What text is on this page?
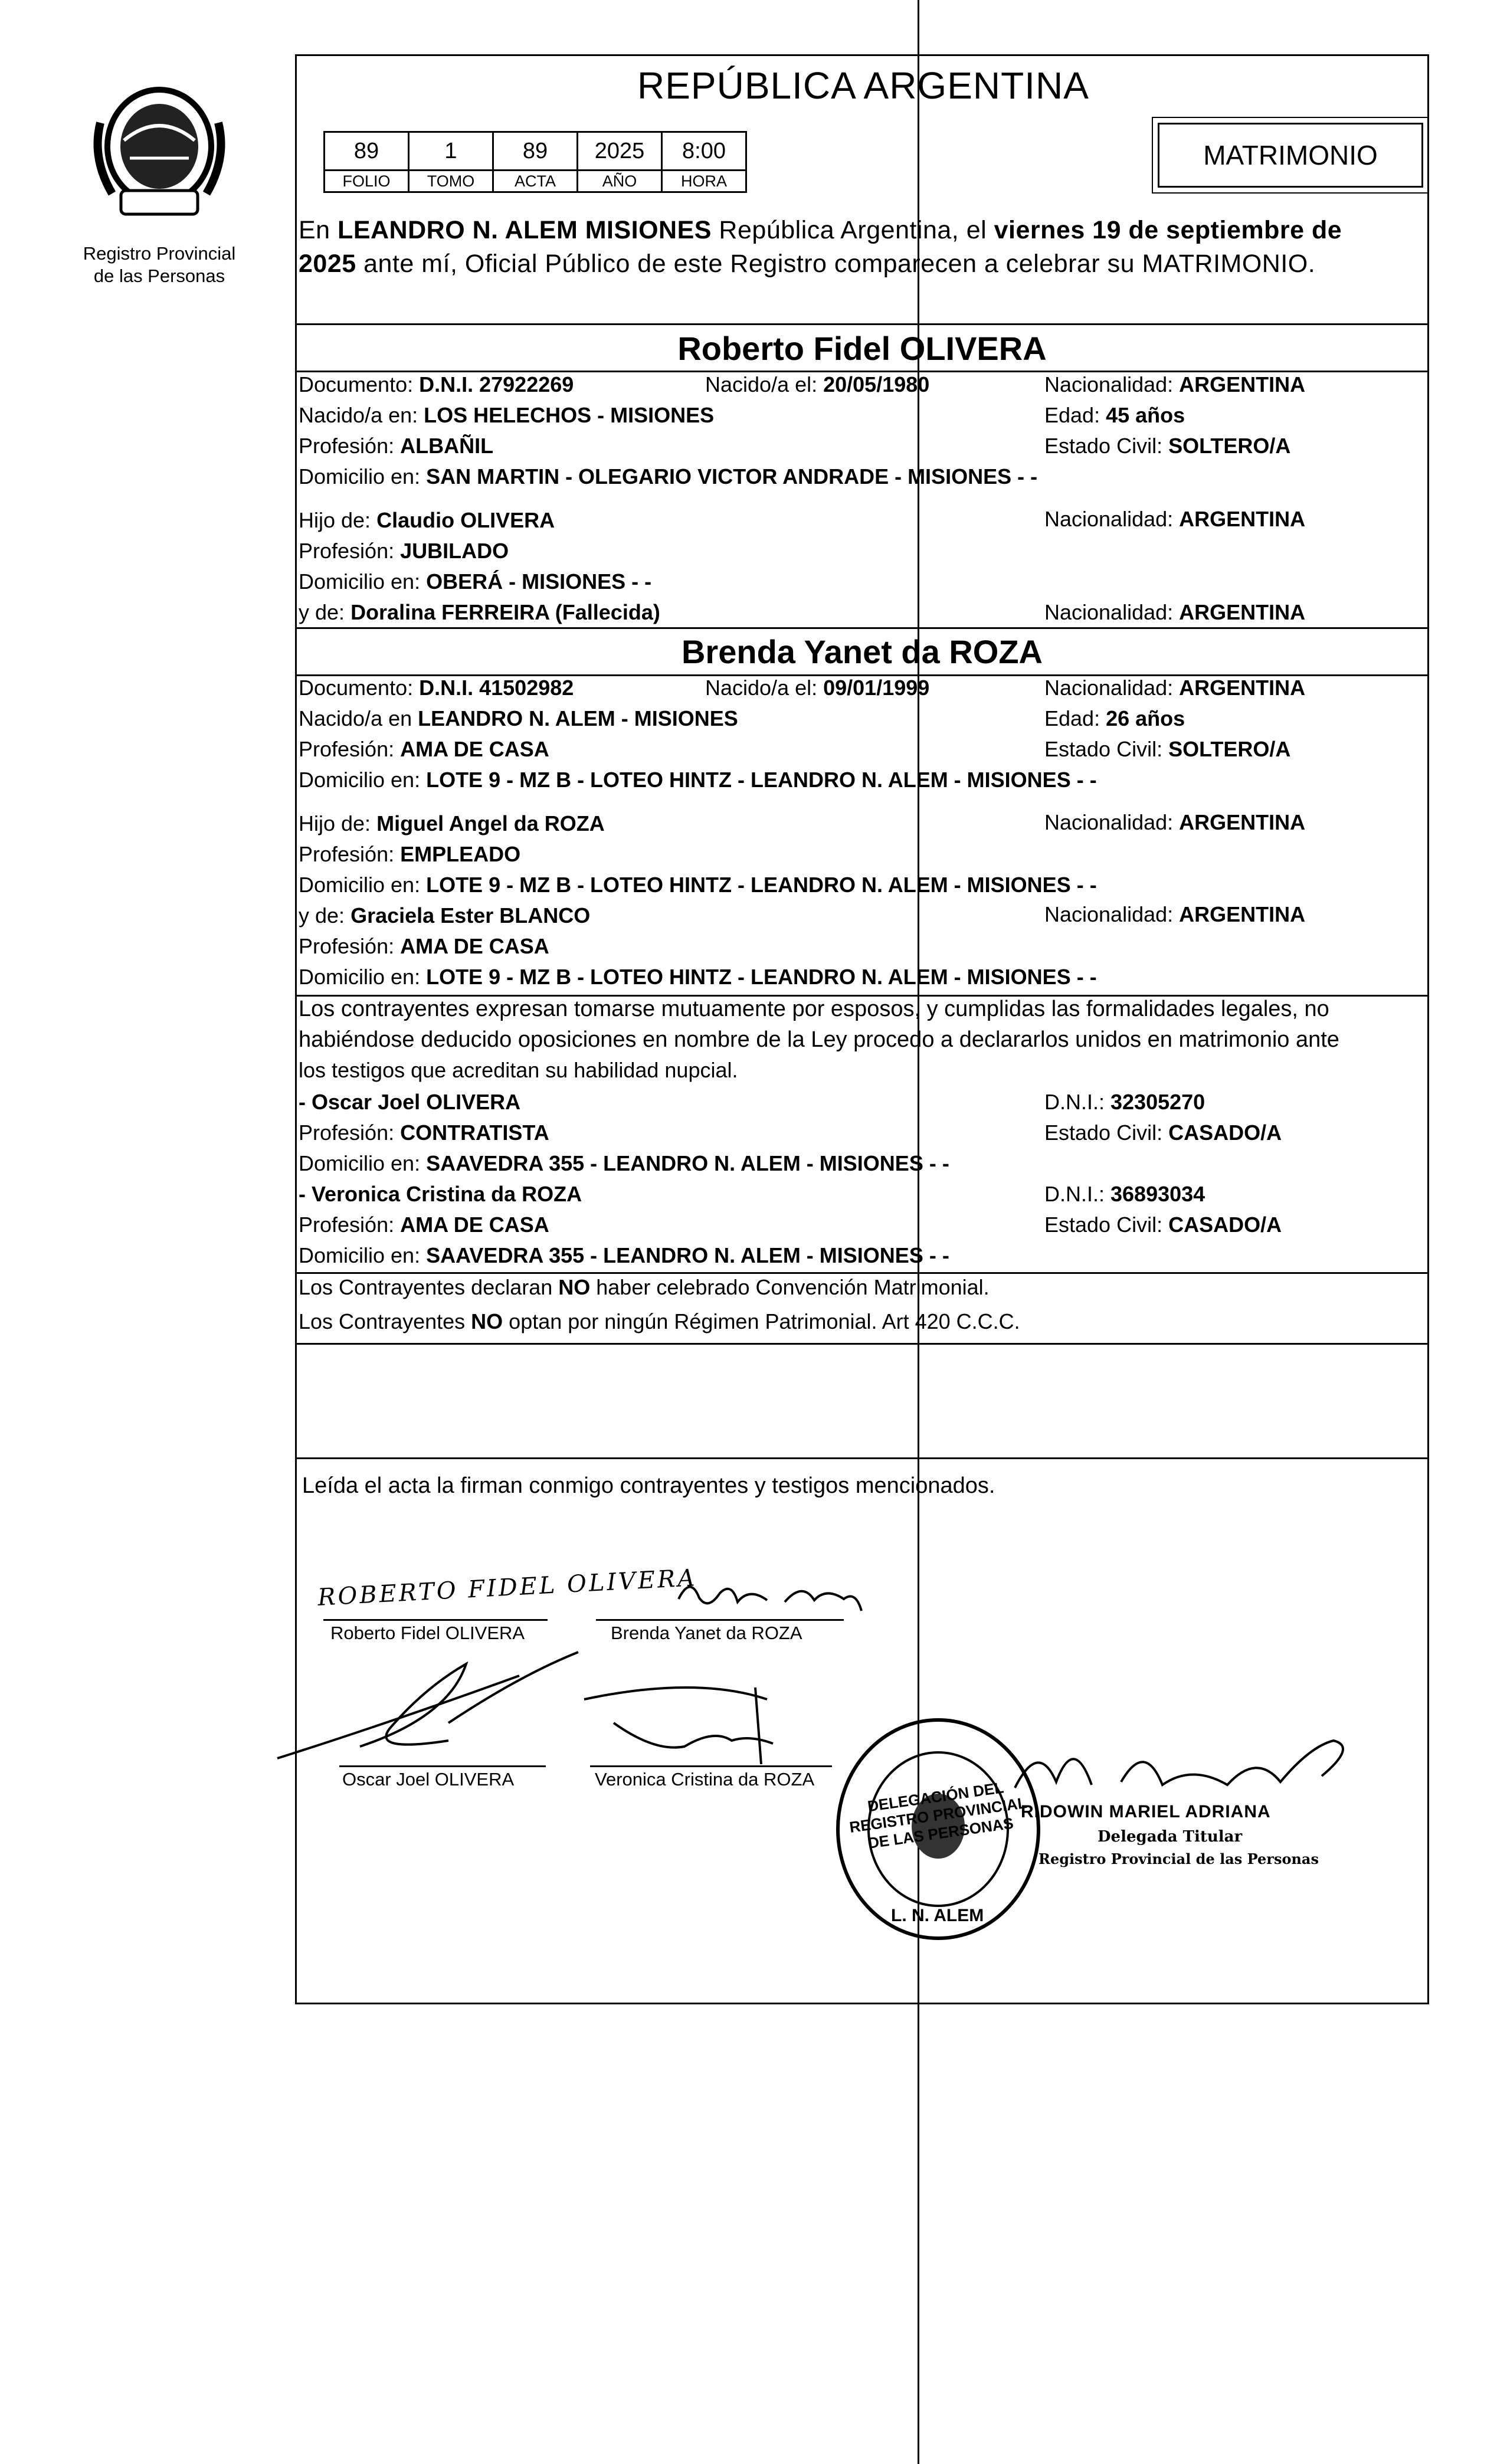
Registro Provincial
de las Personas
REPÚBLICA ARGENTINA
89	1	89	2025	8:00
FOLIO	TOMO	ACTA	AÑO	HORA
MATRIMONIO
En LEANDRO N. ALEM MISIONES República Argentina, el viernes 19 de septiembre de
2025 ante mí, Oficial Público de este Registro comparecen a celebrar su MATRIMONIO.
Roberto Fidel OLIVERA
Documento: D.N.I. 27922269	Nacido/a el: 20/05/1980	Nacionalidad: ARGENTINA
Nacido/a en: LOS HELECHOS - MISIONES	Edad: 45 años
Profesión: ALBAÑIL	Estado Civil: SOLTERO/A
Domicilio en: SAN MARTIN - OLEGARIO VICTOR ANDRADE - MISIONES - -
Hijo de: Claudio OLIVERA	Nacionalidad: ARGENTINA
Profesión: JUBILADO
Domicilio en: OBERÁ - MISIONES - -
y de: Doralina FERREIRA (Fallecida)	Nacionalidad: ARGENTINA
Brenda Yanet da ROZA
Documento: D.N.I. 41502982	Nacido/a el: 09/01/1999	Nacionalidad: ARGENTINA
Nacido/a en LEANDRO N. ALEM - MISIONES	Edad: 26 años
Profesión: AMA DE CASA	Estado Civil: SOLTERO/A
Domicilio en: LOTE 9 - MZ B - LOTEO HINTZ - LEANDRO N. ALEM - MISIONES - -
Hijo de: Miguel Angel da ROZA	Nacionalidad: ARGENTINA
Profesión: EMPLEADO
Domicilio en: LOTE 9 - MZ B - LOTEO HINTZ - LEANDRO N. ALEM - MISIONES - -
y de: Graciela Ester BLANCO	Nacionalidad: ARGENTINA
Profesión: AMA DE CASA
Domicilio en: LOTE 9 - MZ B - LOTEO HINTZ - LEANDRO N. ALEM - MISIONES - -
Los contrayentes expresan tomarse mutuamente por esposos, y cumplidas las formalidades legales, no
habiéndose deducido oposiciones en nombre de la Ley procedo a declararlos unidos en matrimonio ante
los testigos que acreditan su habilidad nupcial.
- Oscar Joel OLIVERA	D.N.I.: 32305270
Profesión: CONTRATISTA	Estado Civil: CASADO/A
Domicilio en: SAAVEDRA 355 - LEANDRO N. ALEM - MISIONES - -
- Veronica Cristina da ROZA	D.N.I.: 36893034
Profesión: AMA DE CASA	Estado Civil: CASADO/A
Domicilio en: SAAVEDRA 355 - LEANDRO N. ALEM - MISIONES - -
Los Contrayentes declaran NO haber celebrado Convención Matrimonial.
Los Contrayentes NO optan por ningún Régimen Patrimonial. Art 420 C.C.C.
Leída el acta la firman conmigo contrayentes y testigos mencionados.
ROBERTO FIDEL OLIVERA
Roberto Fidel OLIVERA	Brenda Yanet da ROZA
Oscar Joel OLIVERA	Veronica Cristina da ROZA	DELEGACIÓN DEL REGISTRO PROVINCIAL DE LAS PERSONAS
L. N. ALEM
RIDOWIN MARIEL ADRIANA
Delegada Titular
Registro Provincial de las Personas
